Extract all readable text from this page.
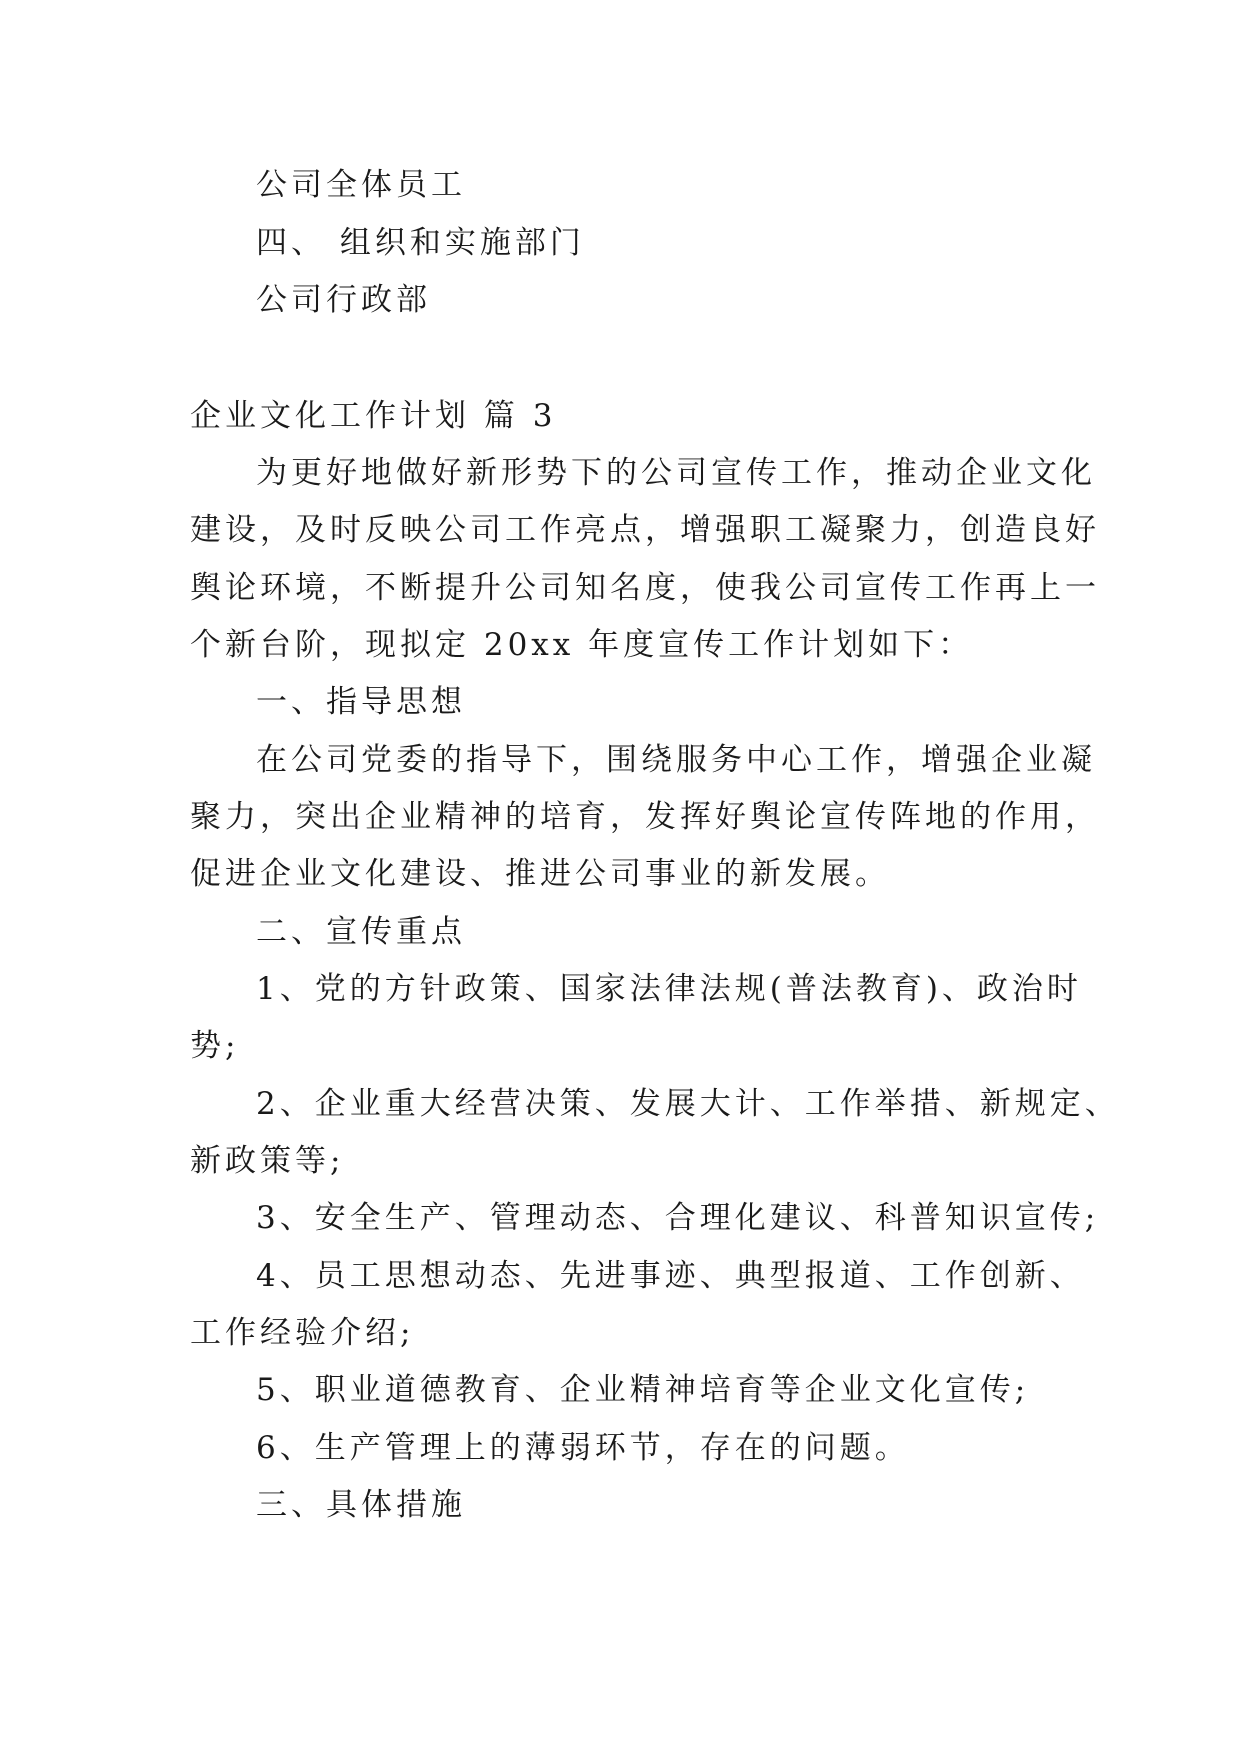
公司全体员工
四、 组织和实施部门
公司行政部
企业文化工作计划 篇 3
为更好地做好新形势下的公司宣传工作，推动企业文化
建设，及时反映公司工作亮点，增强职工凝聚力，创造良好
舆论环境，不断提升公司知名度，使我公司宣传工作再上一
个新台阶，现拟定 20xx 年度宣传工作计划如下：
一、指导思想
在公司党委的指导下，围绕服务中心工作，增强企业凝
聚力，突出企业精神的培育，发挥好舆论宣传阵地的作用，
促进企业文化建设、推进公司事业的新发展。
二、宣传重点
1、党的方针政策、国家法律法规(普法教育)、政治时
势;
2、企业重大经营决策、发展大计、工作举措、新规定、
新政策等;
3、安全生产、管理动态、合理化建议、科普知识宣传;
4、员工思想动态、先进事迹、典型报道、工作创新、
工作经验介绍;
5、职业道德教育、企业精神培育等企业文化宣传;
6、生产管理上的薄弱环节，存在的问题。
三、具体措施
